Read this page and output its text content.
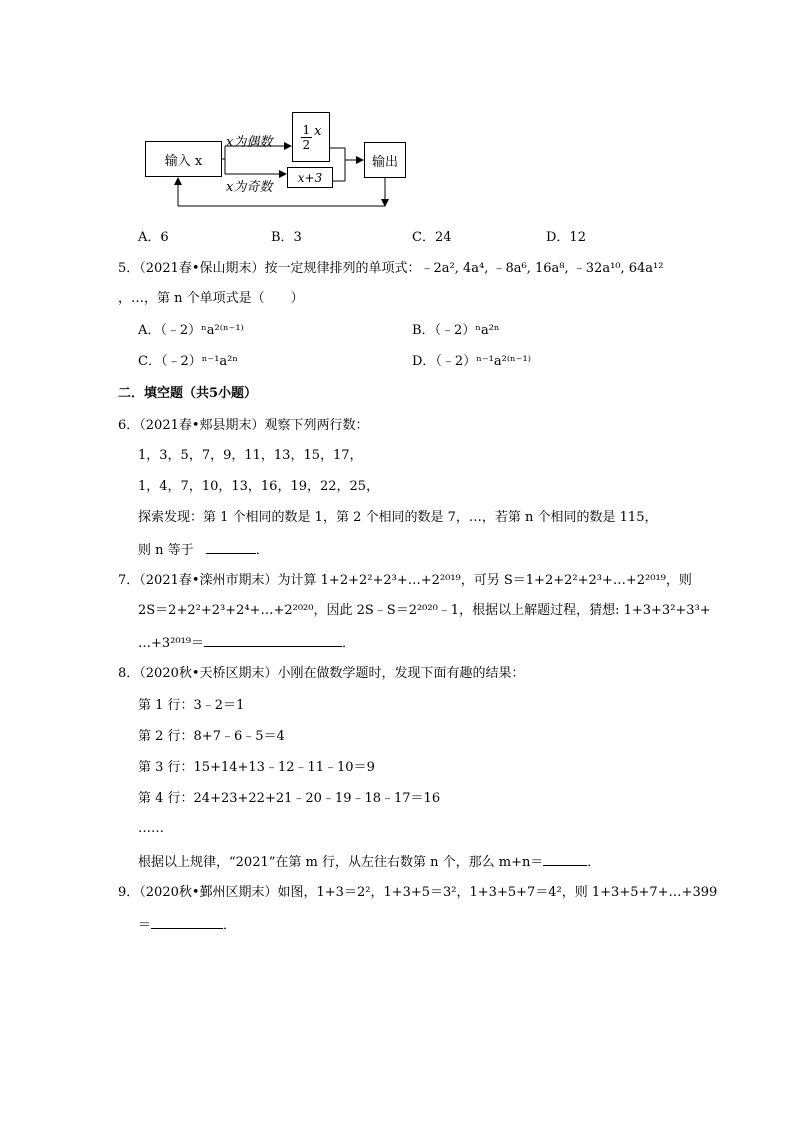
输入 x
x为偶数
x为奇数
$\frac{1}{2}$ x
x+3
输出
A．6	B．3	C．24	D．12
5．（2021春•保山期末）按一定规律排列的单项式：﹣2a², 4a⁴, ﹣8a⁶, 16a⁸, ﹣32a¹⁰, 64a¹²
，…，第 n 个单项式是（　　）
A．（﹣2）ⁿa²⁽ⁿ⁻¹⁾	B．（﹣2）ⁿa²ⁿ
C．（﹣2）ⁿ⁻¹a²ⁿ	D．（﹣2）ⁿ⁻¹a²⁽ⁿ⁻¹⁾
二．填空题（共5小题）
6．（2021春•郏县期末）观察下列两行数：
1，3，5，7，9，11，13，15，17，
1，4，7，10，13，16，19，22，25，
探索发现：第 1 个相同的数是 1，第 2 个相同的数是 7，…，若第 n 个相同的数是 115，
则 n 等于	．
7．（2021春•滦州市期末）为计算 1+2+2²+2³+…+2²⁰¹⁹，可另 S＝1+2+2²+2³+…+2²⁰¹⁹，则
2S＝2+2²+2³+2⁴+…+2²⁰²⁰，因此 2S﹣S＝2²⁰²⁰﹣1，根据以上解题过程，猜想: 1+3+3²+3³+
…+3²⁰¹⁹＝	．
8．（2020秋•天桥区期末）小刚在做数学题时，发现下面有趣的结果：
第 1 行：3﹣2＝1
第 2 行：8+7﹣6﹣5＝4
第 3 行：15+14+13﹣12﹣11﹣10＝9
第 4 行：24+23+22+21﹣20﹣19﹣18﹣17＝16
……
根据以上规律，“2021”在第 m 行，从左往右数第 n 个，那么 m+n＝	．
9．（2020秋•鄞州区期末）如图，1+3＝2²，1+3+5＝3²，1+3+5+7＝4²，则 1+3+5+7+…+399
＝	．
